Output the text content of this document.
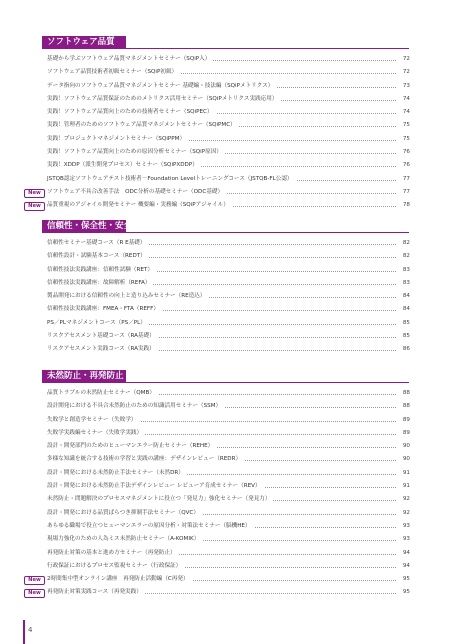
ソフトウェア品質
基礎から学ぶソフトウェア品質マネジメントセミナー（SQiP入）	72
ソフトウェア品質技術者初級セミナー（SQiP初級）	72
データ指向のソフトウェア品質マネジメントセミナー 基礎編・技法編（SQiPメトリクス）	73
実践！ソフトウェア品質保証のためのメトリクス活用セミナー（SQiPメトリクス実践応用）	74
実践！ソフトウェア品質向上のための技術者セミナー（SQiPEC）	74
実践！管理者のためのソフトウェア品質マネジメントセミナー（SQiPMC）	75
実践！プロジェクトマネジメントセミナー（SQiPPM）	75
実践！ソフトウェア品質向上のための原因分析セミナー（SQiP原因）	76
実践！XDDP（派生開発プロセス）セミナー（SQiPXDDP）	76
JSTQB認定ソフトウェアテスト技術者－Foundation Levelトレーニングコース（JSTQB-FL公認）	77
New	ソフトウェア不具合改善手法　ODC分析の基礎セミナー（ODC基礎）	77
New	品質重視のアジャイル開発セミナー 概要編・実務編（SQiPアジャイル）	78
信頼性・保全性・安全性
信頼性セミナー基礎コース（R E基礎）	82
信頼性設計・試験基本コース（REDT）	82
信頼性技法実践講座：信頼性試験（RET）	83
信頼性技法実践講座：故障解析（REFA）	83
製品開発における信頼性の向上と造り込みセミナー（RE造込）	84
信頼性技法実践講座：FMEA・FTA（REFF）	84
PS／PLマネジメントコース（PS／PL）	85
リスクアセスメント基礎コース（RA基礎）	85
リスクアセスメント実践コース（RA実践）	86
未然防止・再発防止
品質トラブルの未然防止セミナー（QMB）	88
設計開発における不具合未然防止のための知識活用セミナー（SSM）	88
失敗学と創造学セミナー（失敗学）	89
失敗学実践編セミナー（失敗学実践）	89
設計・開発部門のためのヒューマンエラー防止セミナー（REHE）	90
多様な知識を統合する技術の学習と実践の講座：デザインレビュー（REDR）	90
設計・開発における未然防止手法セミナー（未然DR）	91
設計・開発における未然防止手法デザインレビュー レビューア育成セミナー（REV）	91
未然防止・問題解決のプロセスマネジメントに役立つ「発見力」強化セミナー（発見力）	92
設計・開発における品質ばらつき抑制手法セミナー（QVC）	92
あらゆる職場で役立つヒューマンエラーの原因分析・対策法セミナー（脳機HE）	93
現場力強化のための人為ミス未然防止セミナー（A-KOMIK）	93
再発防止対策の基本と進め方セミナー（再発防止）	94
行政保証におけるプロセス監視セミナー（行政保証）	94
New	2時間集中型オンライン講座　再発防止活動編（C再発）	95
New	再発防止対策実践コース（再発実践）	95
4
